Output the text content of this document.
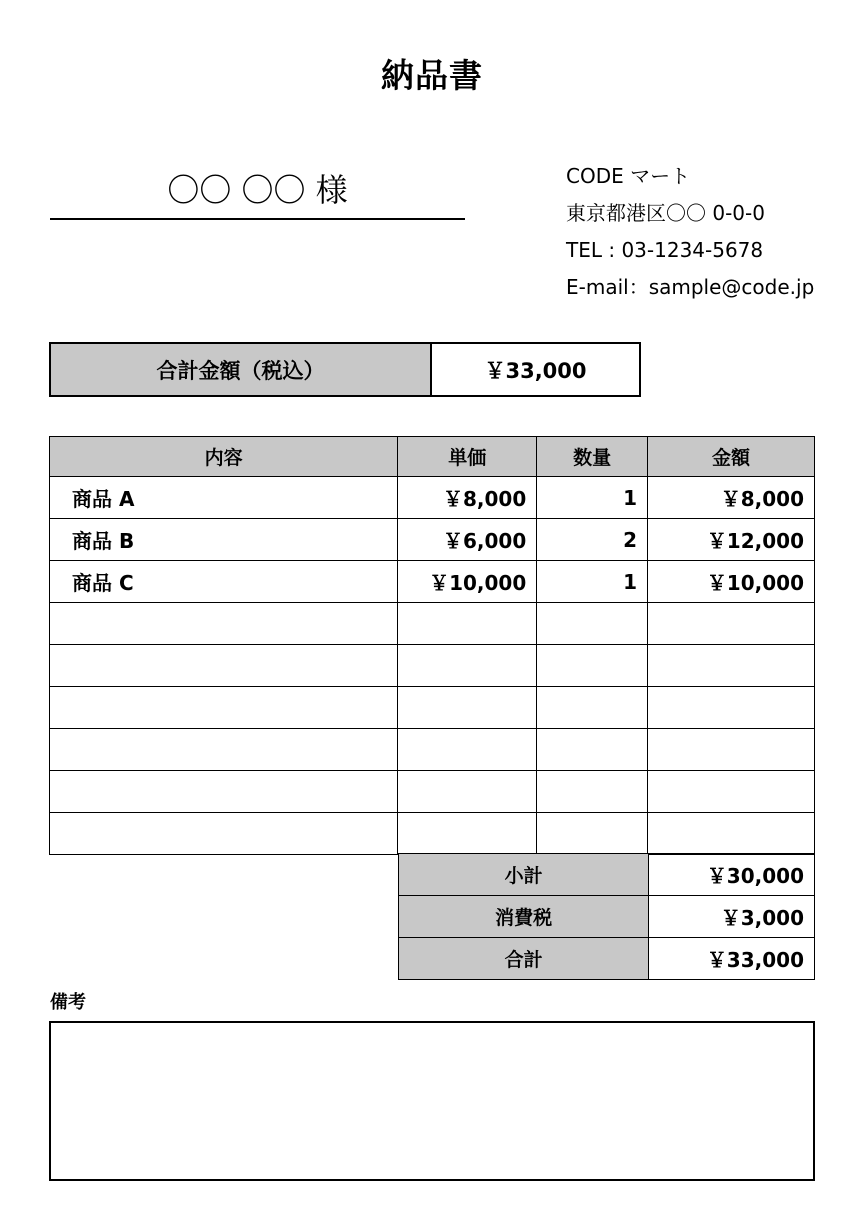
納品書
〇〇 〇〇 様	CODE マート
東京都港区〇〇 0-0-0
TEL : 03-1234-5678
E-mail：sample@code.jp
合計金額（税込）	￥33,000
内容	単価	数量	金額
商品 A	￥8,000	1	￥8,000
商品 B	￥6,000	2	￥12,000
商品 C	￥10,000	1	￥10,000

小計	￥30,000
消費税	￥3,000
合計	￥33,000
備考
